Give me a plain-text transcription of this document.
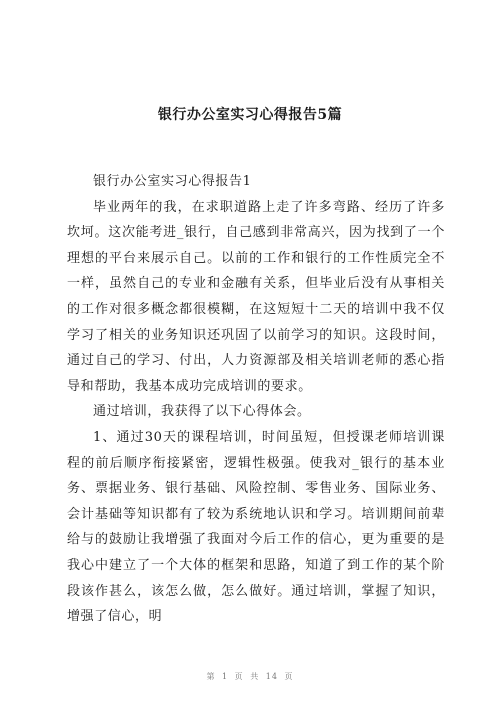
银行办公室实习心得报告5篇

银行办公室实习心得报告1

毕业两年的我，在求职道路上走了许多弯路、经历了许多坎坷。这次能考进_银行，自己感到非常高兴，因为找到了一个理想的平台来展示自己。以前的工作和银行的工作性质完全不一样，虽然自己的专业和金融有关系，但毕业后没有从事相关的工作对很多概念都很模糊，在这短短十二天的培训中我不仅学习了相关的业务知识还巩固了以前学习的知识。这段时间，通过自己的学习、付出，人力资源部及相关培训老师的悉心指导和帮助，我基本成功完成培训的要求。

通过培训，我获得了以下心得体会。

1、通过30天的课程培训，时间虽短，但授课老师培训课程的前后顺序衔接紧密，逻辑性极强。使我对_银行的基本业务、票据业务、银行基础、风险控制、零售业务、国际业务、会计基础等知识都有了较为系统地认识和学习。培训期间前辈给与的鼓励让我增强了我面对今后工作的信心，更为重要的是我心中建立了一个大体的框架和思路，知道了到工作的某个阶段该作甚么，该怎么做，怎么做好。通过培训，掌握了知识，增强了信心，明

第 1 页 共 14 页
